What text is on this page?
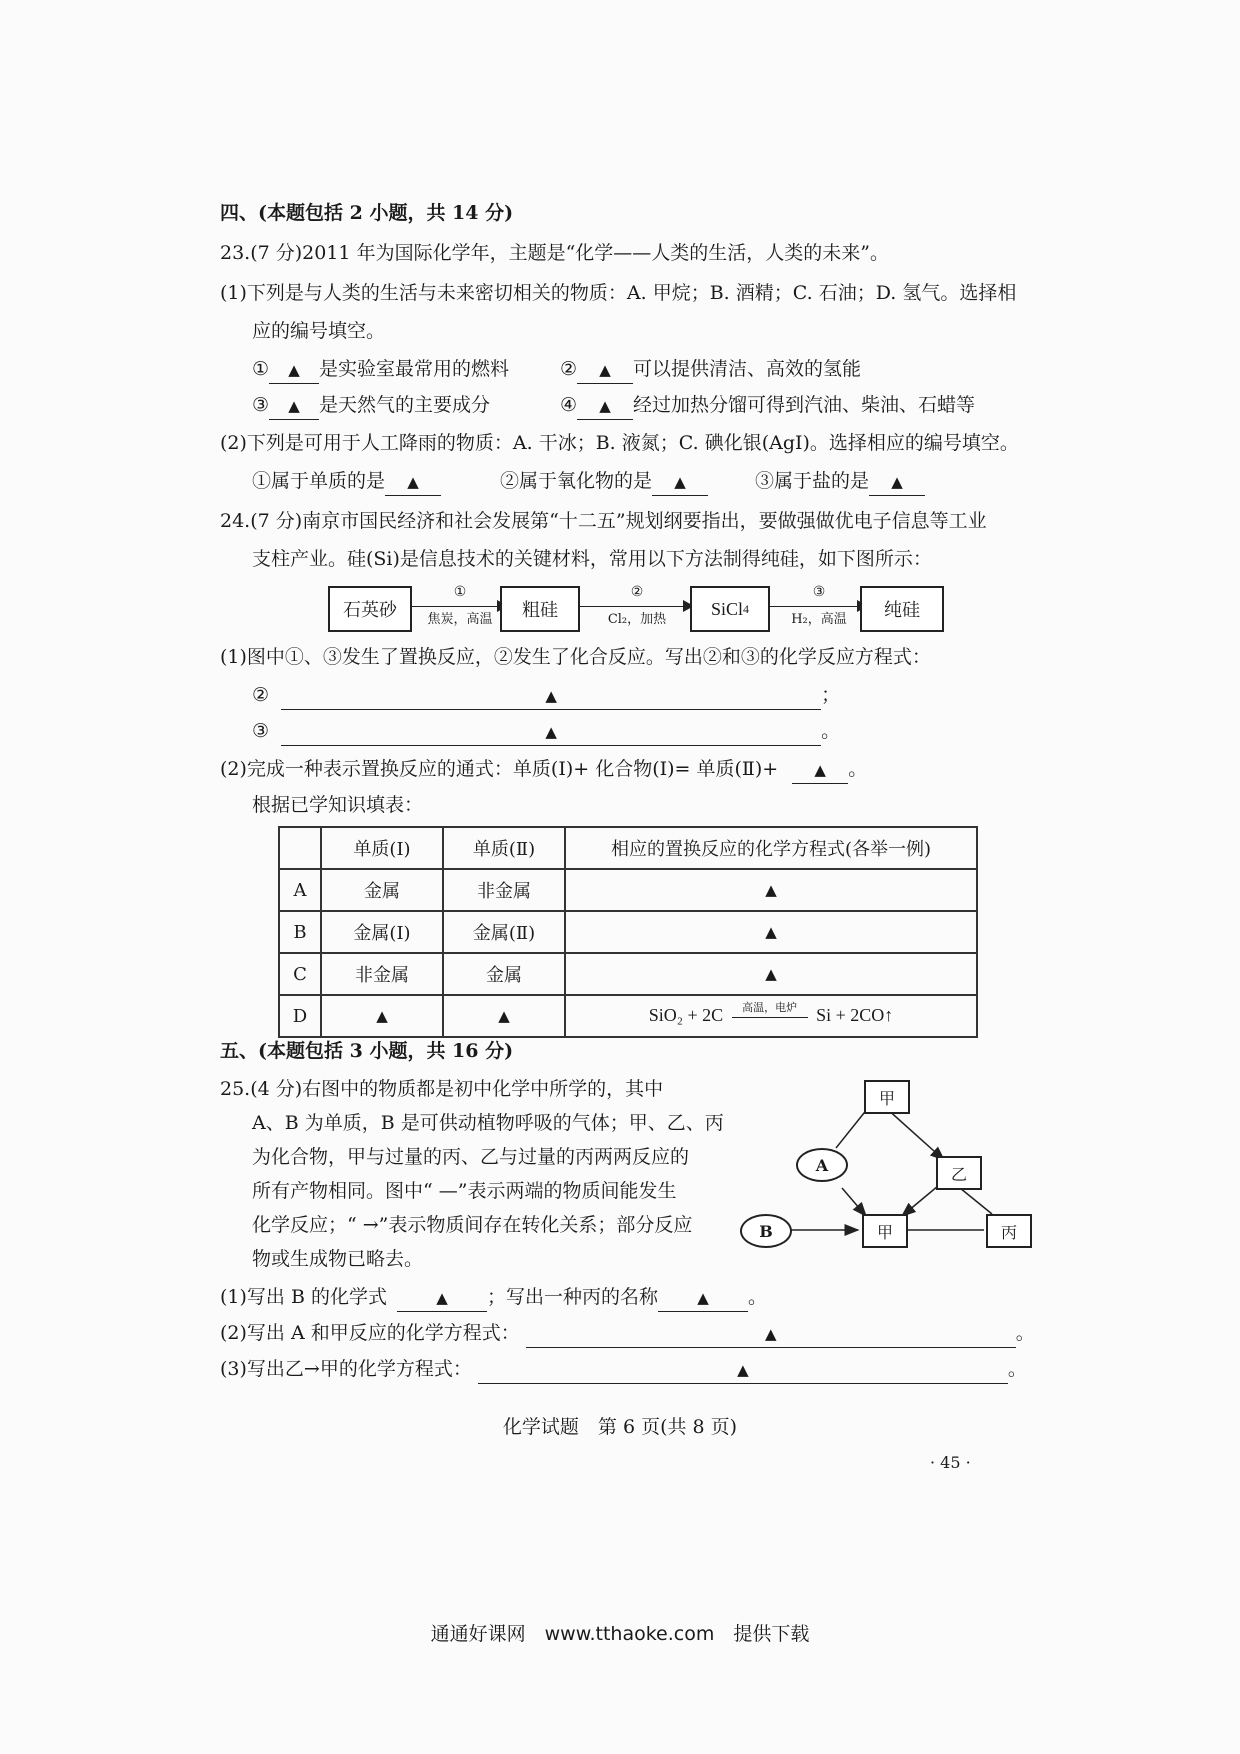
四、(本题包括 2 小题，共 14 分)
23.(7 分)2011 年为国际化学年，主题是“化学——人类的生活，人类的未来”。
(1)下列是与人类的生活与未来密切相关的物质：A. 甲烷；B. 酒精；C. 石油；D. 氢气。选择相
应的编号填空。
① ▲ 是实验室最常用的燃料	② ▲ 可以提供清洁、高效的氢能
③ ▲ 是天然气的主要成分	④ ▲ 经过加热分馏可得到汽油、柴油、石蜡等
(2)下列是可用于人工降雨的物质：A. 干冰；B. 液氮；C. 碘化银(AgI)。选择相应的编号填空。
①属于单质的是 ▲	②属于氧化物的是 ▲	③属于盐的是 ▲
24.(7 分)南京市国民经济和社会发展第“十二五”规划纲要指出，要做强做优电子信息等工业
支柱产业。硅(Si)是信息技术的关键材料，常用以下方法制得纯硅，如下图所示：
石英砂
①
焦炭，高温	粗硅
②
Cl₂，加热
SiCl 4
③
H₂，高温	纯硅
(1)图中①、③发生了置换反应，②发生了化合反应。写出②和③的化学反应方程式：
②	▲	；
③	▲	。
(2)完成一种表示置换反应的通式：单质(Ⅰ)+ 化合物(Ⅰ)= 单质(Ⅱ)+ ▲ 。
根据已学知识填表：
	单质(Ⅰ)	单质(Ⅱ)	相应的置换反应的化学方程式(各举一例)
A	金属	非金属	▲
B	金属(Ⅰ)	金属(Ⅱ)	▲
C	非金属	金属	▲
D	▲	▲	SiO₂ + 2C 高温，电炉 Si + 2CO↑
五、(本题包括 3 小题，共 16 分)
25.(4 分)右图中的物质都是初中化学中所学的，其中
A、B 为单质，B 是可供动植物呼吸的气体；甲、乙、丙
为化合物，甲与过量的丙、乙与过量的丙两两反应的
所有产物相同。图中“ —”表示两端的物质间能发生
化学反应；“ →”表示物质间存在转化关系；部分反应
物或生成物已略去。
甲
A	乙
B	甲	丙
(1)写出 B 的化学式	▲ ；写出一种丙的名称	▲ 。
(2)写出 A 和甲反应的化学方程式：	▲	。
(3)写出乙→甲的化学方程式：	▲	。
化学试题　第 6 页(共 8 页)
· 45 ·
通通好课网　www.tthaoke.com　提供下载
